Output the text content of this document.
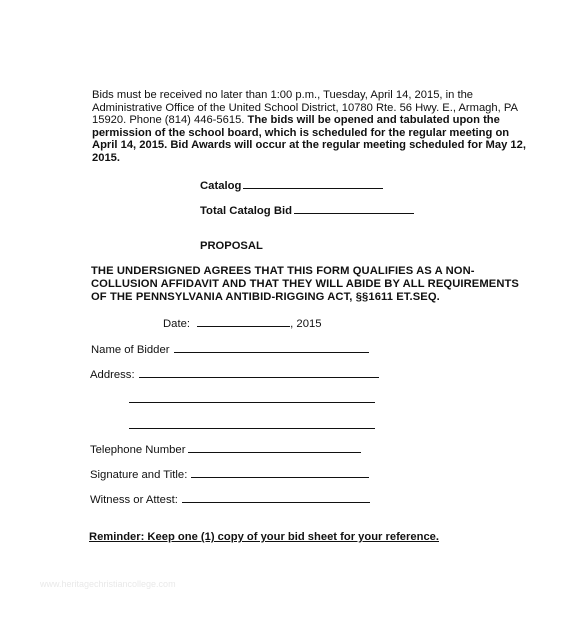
Bids must be received no later than 1:00 p.m., Tuesday, April 14, 2015, in the
Administrative Office of the United School District, 10780 Rte. 56 Hwy. E., Armagh, PA
15920. Phone (814) 446-5615. The bids will be opened and tabulated upon the
permission of the school board, which is scheduled for the regular meeting on
April 14, 2015. Bid Awards will occur at the regular meeting scheduled for May 12,
2015.
Catalog
Total Catalog Bid
PROPOSAL
THE UNDERSIGNED AGREES THAT THIS FORM QUALIFIES AS A NON-
COLLUSION AFFIDAVIT AND THAT THEY WILL ABIDE BY ALL REQUIREMENTS
OF THE PENNSYLVANIA ANTIBID-RIGGING ACT, §§1611 ET.SEQ.
Date:	, 2015
Name of Bidder
Address:
Telephone Number
Signature and Title:
Witness or Attest:
Reminder: Keep one (1) copy of your bid sheet for your reference.
www.heritagechristiancollege.com
